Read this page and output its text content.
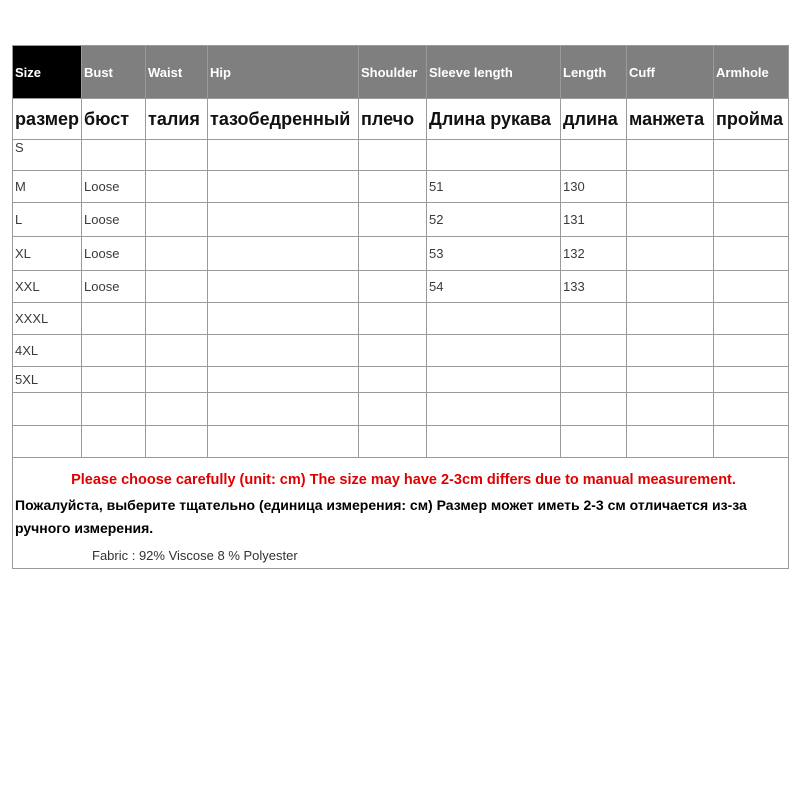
Size	Bust	Waist	Hip	Shoulder	Sleeve length	Length	Cuff	Armhole
размер	бюст	талия	тазобедренный	плечо	Длина рукава	длина	манжета	пройма
S								
M	Loose				51	130		
L	Loose				52	131		
XL	Loose				53	132		
XXL	Loose				54	133		
XXXL								
4XL								
5XL								

Please choose carefully (unit: cm) The size may have 2-3cm differs due to manual measurement.
Пожалуйста, выберите тщательно (единица измерения: см) Размер может иметь 2-3 см отличается из-за ручного измерения.								
Fabric : 92% Viscose 8 % Polyester
